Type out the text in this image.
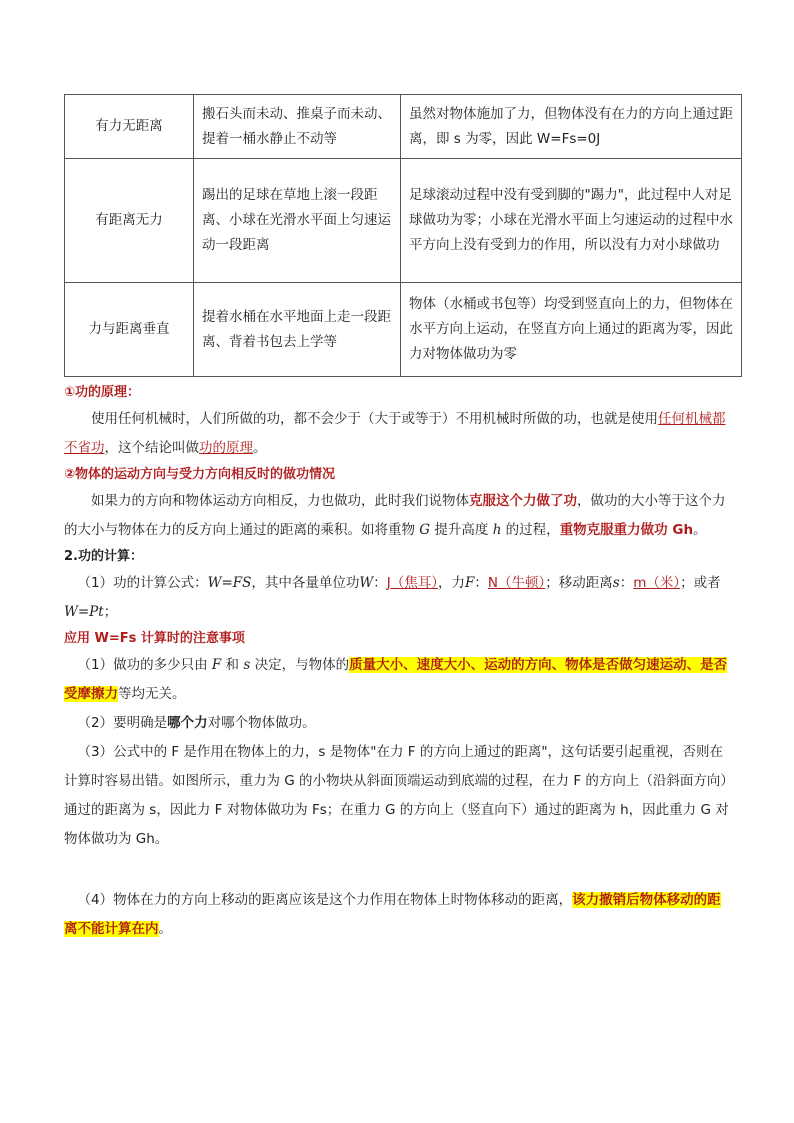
有力无距离	搬石头而未动、推桌子而未动、提着一桶水静止不动等	虽然对物体施加了力，但物体没有在力的方向上通过距离，即 s 为零，因此 W=Fs=0J
有距离无力	踢出的足球在草地上滚一段距离、小球在光滑水平面上匀速运动一段距离	足球滚动过程中没有受到脚的"踢力"，此过程中人对足球做功为零；小球在光滑水平面上匀速运动的过程中水平方向上没有受到力的作用，所以没有力对小球做功
力与距离垂直	提着水桶在水平地面上走一段距离、背着书包去上学等	物体（水桶或书包等）均受到竖直向上的力，但物体在水平方向上运动，在竖直方向上通过的距离为零，因此力对物体做功为零

①功的原理：

使用任何机械时，人们所做的功，都不会少于（大于或等于）不用机械时所做的功，也就是使用任何机械都不省功，这个结论叫做功的原理。

②物体的运动方向与受力方向相反时的做功情况

如果力的方向和物体运动方向相反，力也做功，此时我们说物体克服这个力做了功，做功的大小等于这个力的大小与物体在力的反方向上通过的距离的乘积。如将重物 G 提升高度 h 的过程，重物克服重力做功 Gh。

2.功的计算：

（1）功的计算公式：W=FS，其中各量单位功W：J（焦耳），力F：N（牛顿）；移动距离s：m（米）；或者W=Pt；

应用 W=Fs 计算时的注意事项

（1）做功的多少只由 F 和 s 决定，与物体的质量大小、速度大小、运动的方向、物体是否做匀速运动、是否受摩擦力等均无关。

（2）要明确是哪个力对哪个物体做功。

（3）公式中的 F 是作用在物体上的力，s 是物体"在力 F 的方向上通过的距离"，这句话要引起重视，否则在计算时容易出错。如图所示，重力为 G 的小物块从斜面顶端运动到底端的过程，在力 F 的方向上（沿斜面方向）通过的距离为 s，因此力 F 对物体做功为 Fs；在重力 G 的方向上（竖直向下）通过的距离为 h，因此重力 G 对物体做功为 Gh。

（4）物体在力的方向上移动的距离应该是这个力作用在物体上时物体移动的距离，该力撤销后物体移动的距离不能计算在内。
